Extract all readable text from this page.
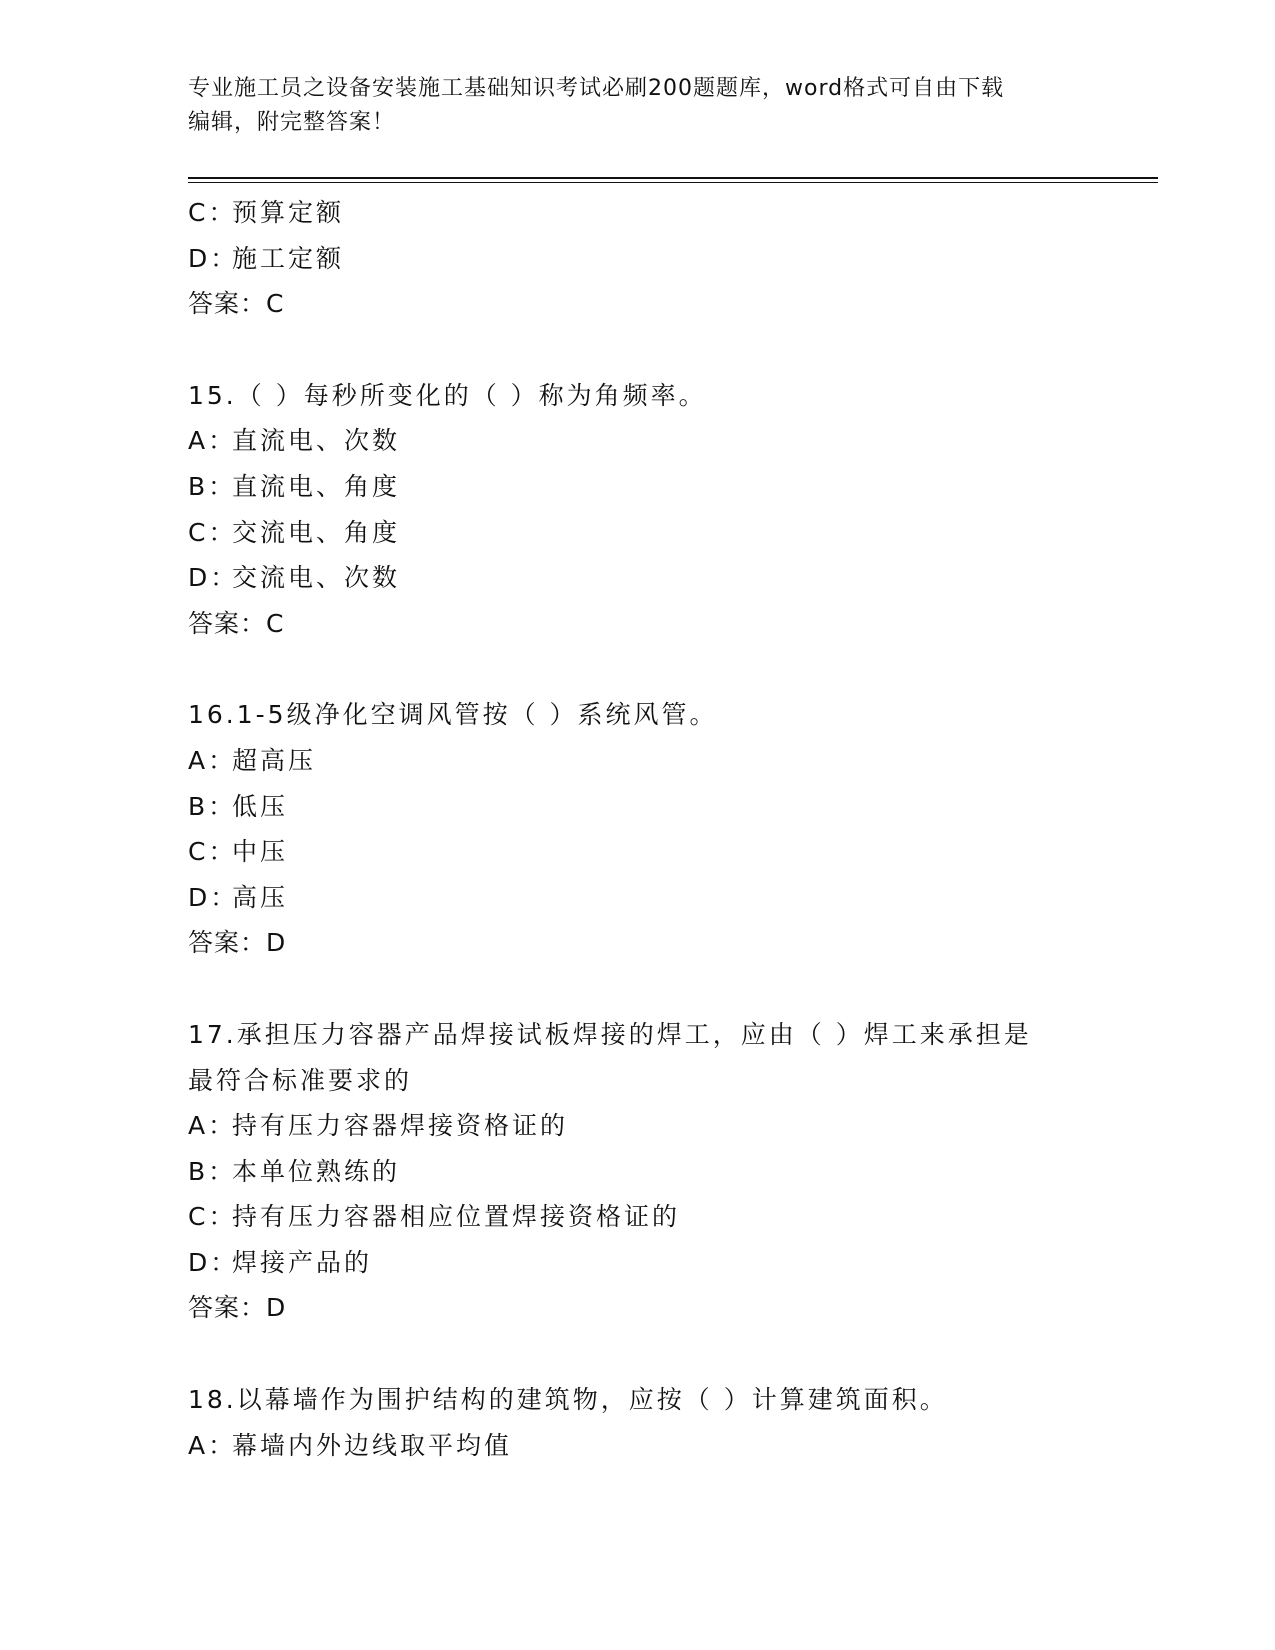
专业施工员之设备安装施工基础知识考试必刷200题题库，word格式可自由下载
编辑，附完整答案！
C：预算定额
D：施工定额
答案：C
15.（ ）每秒所变化的（ ）称为角频率。
A：直流电、次数
B：直流电、角度
C：交流电、角度
D：交流电、次数
答案：C
16.1-5级净化空调风管按（ ）系统风管。
A：超高压
B：低压
C：中压
D：高压
答案：D
17.承担压力容器产品焊接试板焊接的焊工，应由（ ）焊工来承担是
最符合标准要求的
A：持有压力容器焊接资格证的
B：本单位熟练的
C：持有压力容器相应位置焊接资格证的
D：焊接产品的
答案：D
18.以幕墙作为围护结构的建筑物，应按（ ）计算建筑面积。
A：幕墙内外边线取平均值
